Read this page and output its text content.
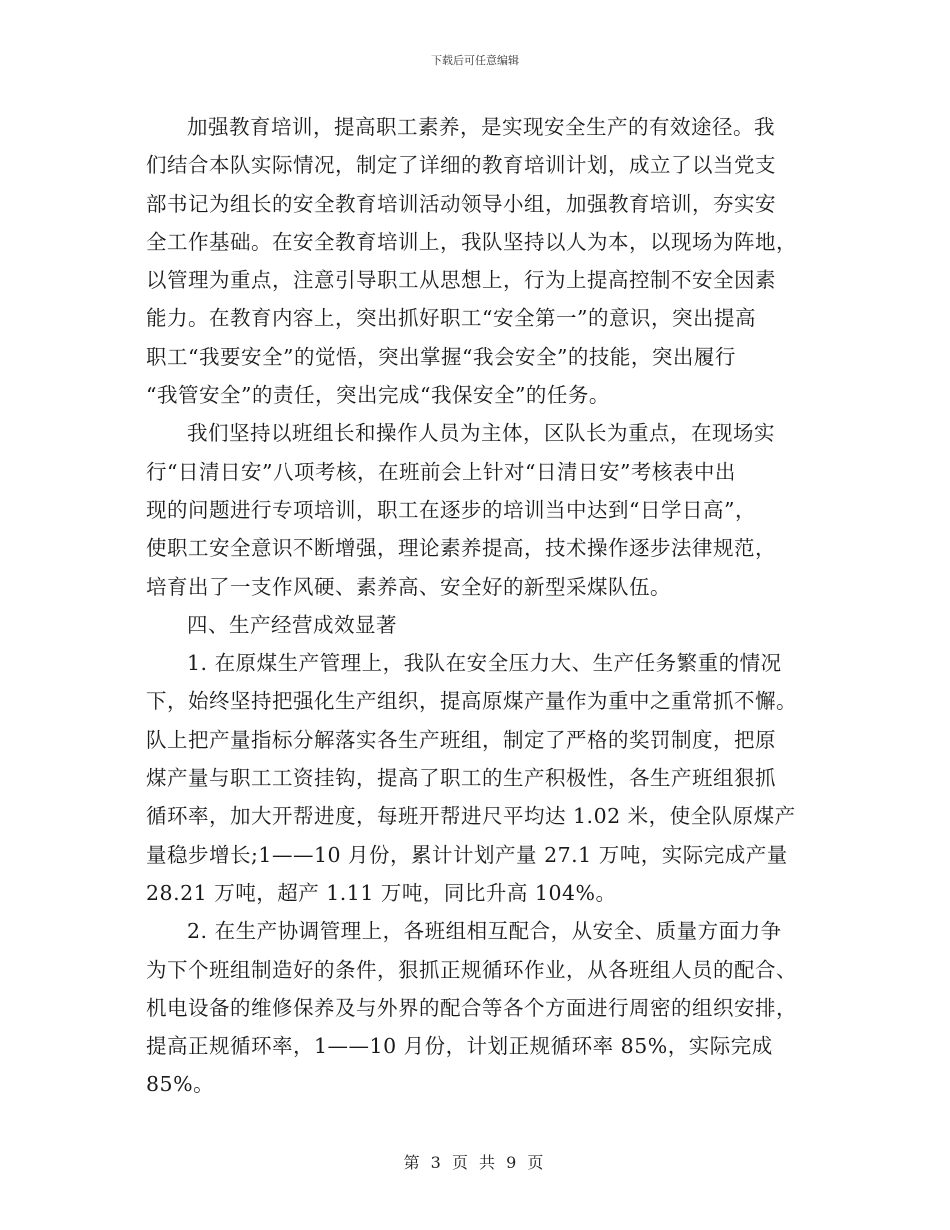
下载后可任意编辑
加强教育培训，提高职工素养，是实现安全生产的有效途径。我
们结合本队实际情况，制定了详细的教育培训计划，成立了以当党支
部书记为组长的安全教育培训活动领导小组，加强教育培训，夯实安
全工作基础。在安全教育培训上，我队坚持以人为本，以现场为阵地，
以管理为重点，注意引导职工从思想上，行为上提高控制不安全因素
能力。在教育内容上，突出抓好职工“安全第一”的意识，突出提高
职工“我要安全”的觉悟，突出掌握“我会安全”的技能，突出履行
“我管安全”的责任，突出完成“我保安全”的任务。
我们坚持以班组长和操作人员为主体，区队长为重点，在现场实
行“日清日安”八项考核，在班前会上针对“日清日安”考核表中出
现的问题进行专项培训，职工在逐步的培训当中达到“日学日高”，
使职工安全意识不断增强，理论素养提高，技术操作逐步法律规范，
培育出了一支作风硬、素养高、安全好的新型采煤队伍。
四、生产经营成效显著
1. 在原煤生产管理上，我队在安全压力大、生产任务繁重的情况
下，始终坚持把强化生产组织，提高原煤产量作为重中之重常抓不懈。
队上把产量指标分解落实各生产班组，制定了严格的奖罚制度，把原
煤产量与职工工资挂钩，提高了职工的生产积极性，各生产班组狠抓
循环率，加大开帮进度，每班开帮进尺平均达 1.02 米，使全队原煤产
量稳步增长;1——10 月份，累计计划产量 27.1 万吨，实际完成产量
28.21 万吨，超产 1.11 万吨，同比升高 104%。
2. 在生产协调管理上，各班组相互配合，从安全、质量方面力争
为下个班组制造好的条件，狠抓正规循环作业，从各班组人员的配合、
机电设备的维修保养及与外界的配合等各个方面进行周密的组织安排，
提高正规循环率，1——10 月份，计划正规循环率 85%，实际完成
85%。
第 3 页 共 9 页
